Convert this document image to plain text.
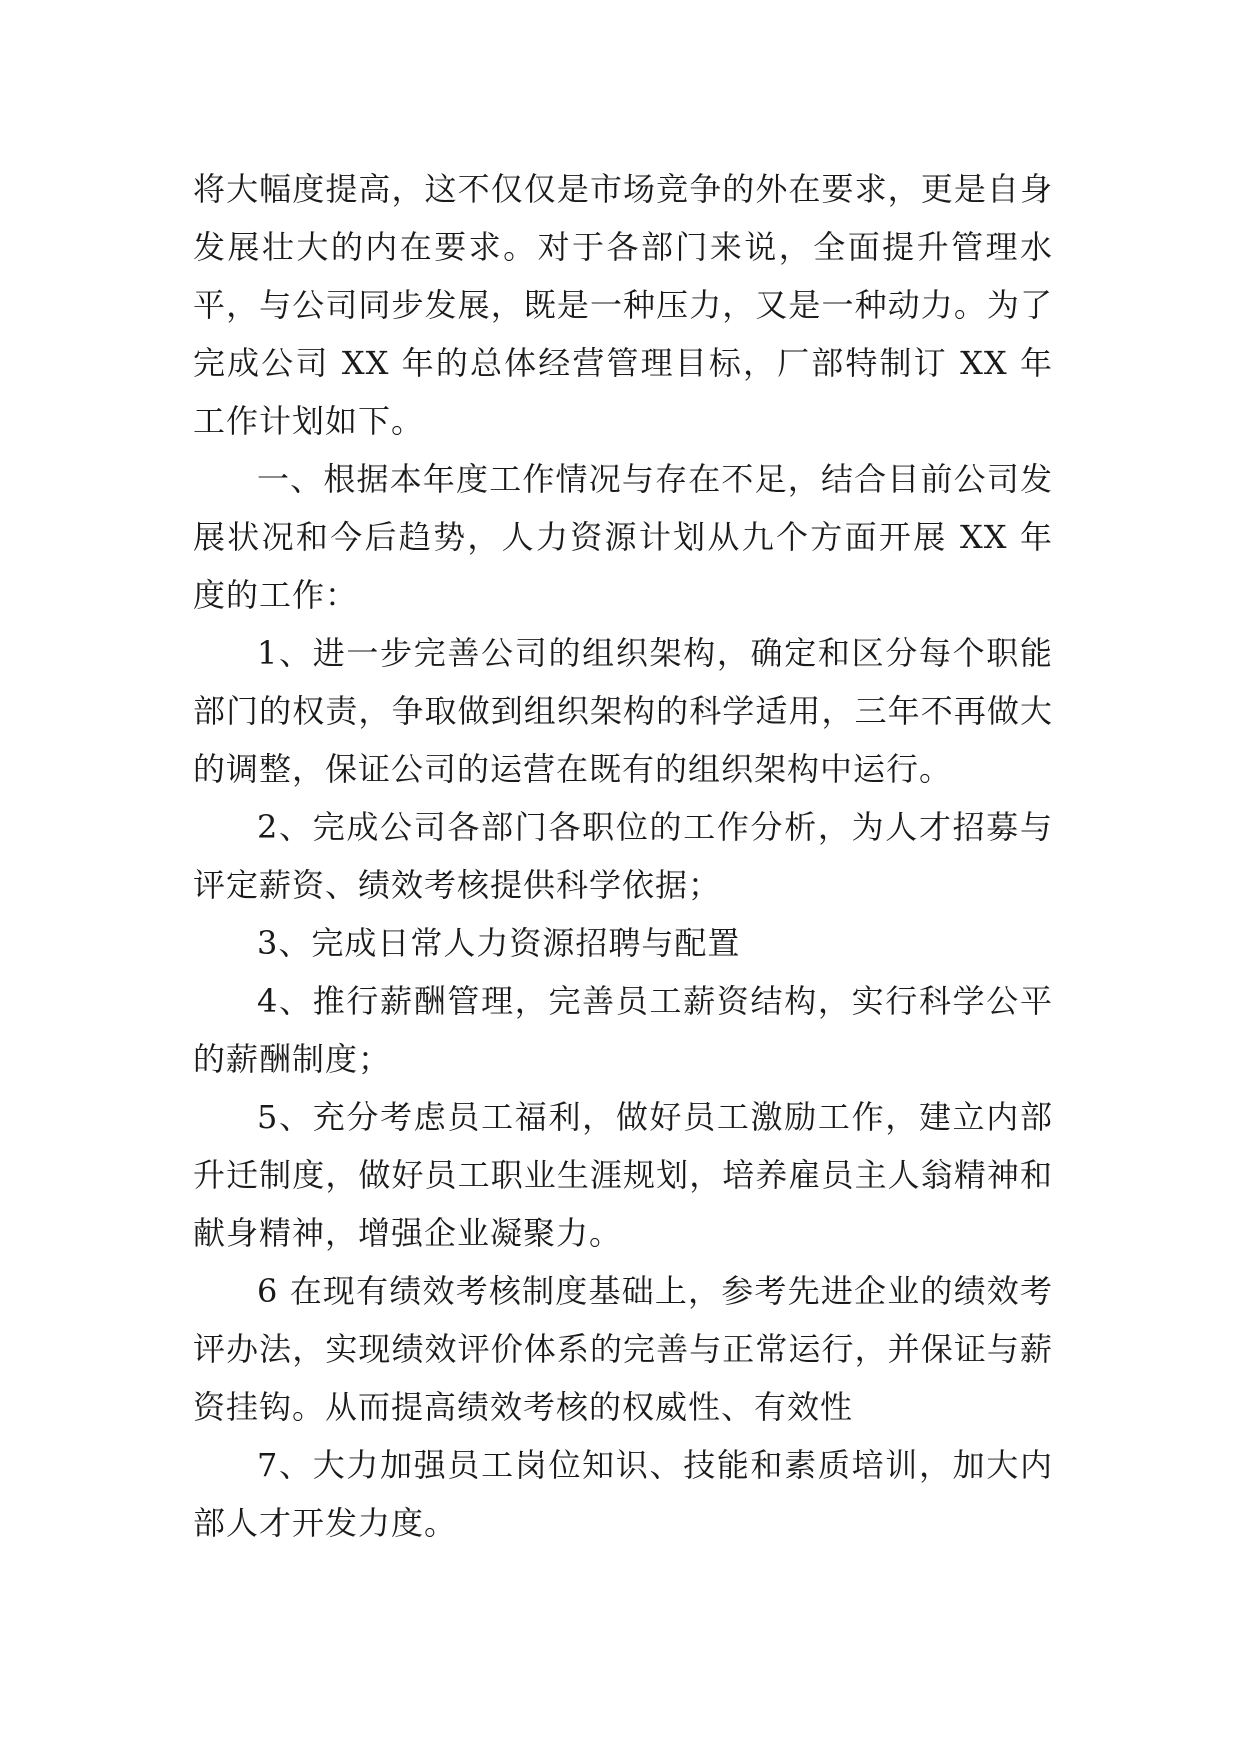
将大幅度提高，这不仅仅是市场竞争的外在要求，更是自身发展壮大的内在要求。对于各部门来说，全面提升管理水平，与公司同步发展，既是一种压力，又是一种动力。为了完成公司 XX 年的总体经营管理目标，厂部特制订 XX 年工作计划如下。

一、根据本年度工作情况与存在不足，结合目前公司发展状况和今后趋势，人力资源计划从九个方面开展 XX 年度的工作：

1、进一步完善公司的组织架构，确定和区分每个职能部门的权责，争取做到组织架构的科学适用，三年不再做大的调整，保证公司的运营在既有的组织架构中运行。

2、完成公司各部门各职位的工作分析，为人才招募与评定薪资、绩效考核提供科学依据；

3、完成日常人力资源招聘与配置

4、推行薪酬管理，完善员工薪资结构，实行科学公平的薪酬制度；

5、充分考虑员工福利，做好员工激励工作，建立内部升迁制度，做好员工职业生涯规划，培养雇员主人翁精神和献身精神，增强企业凝聚力。

6 在现有绩效考核制度基础上，参考先进企业的绩效考评办法，实现绩效评价体系的完善与正常运行，并保证与薪资挂钩。从而提高绩效考核的权威性、有效性

7、大力加强员工岗位知识、技能和素质培训，加大内部人才开发力度。
